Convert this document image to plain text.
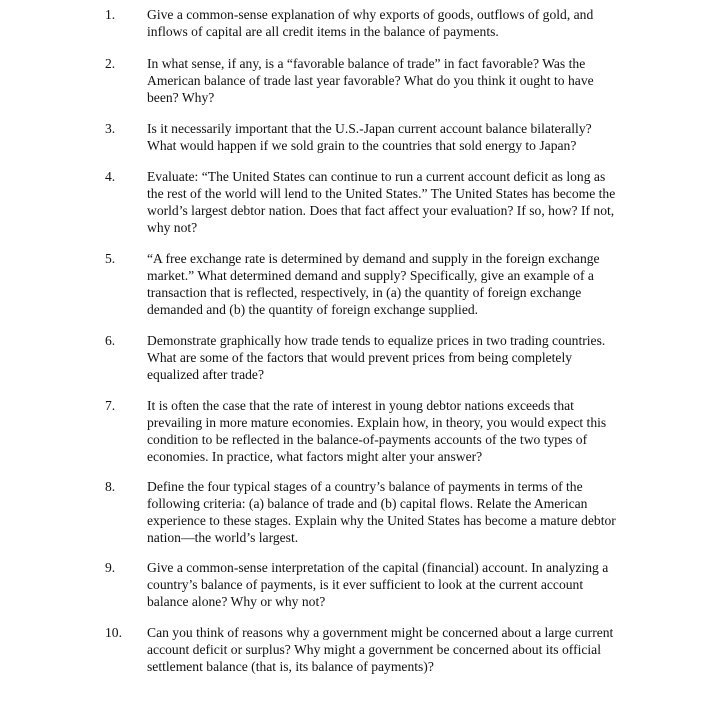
1.	Give a common-sense explanation of why exports of goods, outflows of gold, and inflows of capital are all credit items in the balance of payments.
2.	In what sense, if any, is a “favorable balance of trade” in fact favorable? Was the American balance of trade last year favorable? What do you think it ought to have been? Why?
3.	Is it necessarily important that the U.S.-Japan current account balance bilaterally? What would happen if we sold grain to the countries that sold energy to Japan?
4.	Evaluate: “The United States can continue to run a current account deficit as long as the rest of the world will lend to the United States.” The United States has become the world’s largest debtor nation. Does that fact affect your evaluation? If so, how? If not, why not?
5.	“A free exchange rate is determined by demand and supply in the foreign exchange market.” What determined demand and supply? Specifically, give an example of a transaction that is reflected, respectively, in (a) the quantity of foreign exchange demanded and (b) the quantity of foreign exchange supplied.
6.	Demonstrate graphically how trade tends to equalize prices in two trading countries. What are some of the factors that would prevent prices from being completely equalized after trade?
7.	It is often the case that the rate of interest in young debtor nations exceeds that prevailing in more mature economies. Explain how, in theory, you would expect this condition to be reflected in the balance-of-payments accounts of the two types of economies. In practice, what factors might alter your answer?
8.	Define the four typical stages of a country’s balance of payments in terms of the following criteria: (a) balance of trade and (b) capital flows. Relate the American experience to these stages. Explain why the United States has become a mature debtor nation—the world’s largest.
9.	Give a common-sense interpretation of the capital (financial) account. In analyzing a country’s balance of payments, is it ever sufficient to look at the current account balance alone? Why or why not?
10.	Can you think of reasons why a government might be concerned about a large current account deficit or surplus? Why might a government be concerned about its official settlement balance (that is, its balance of payments)?
